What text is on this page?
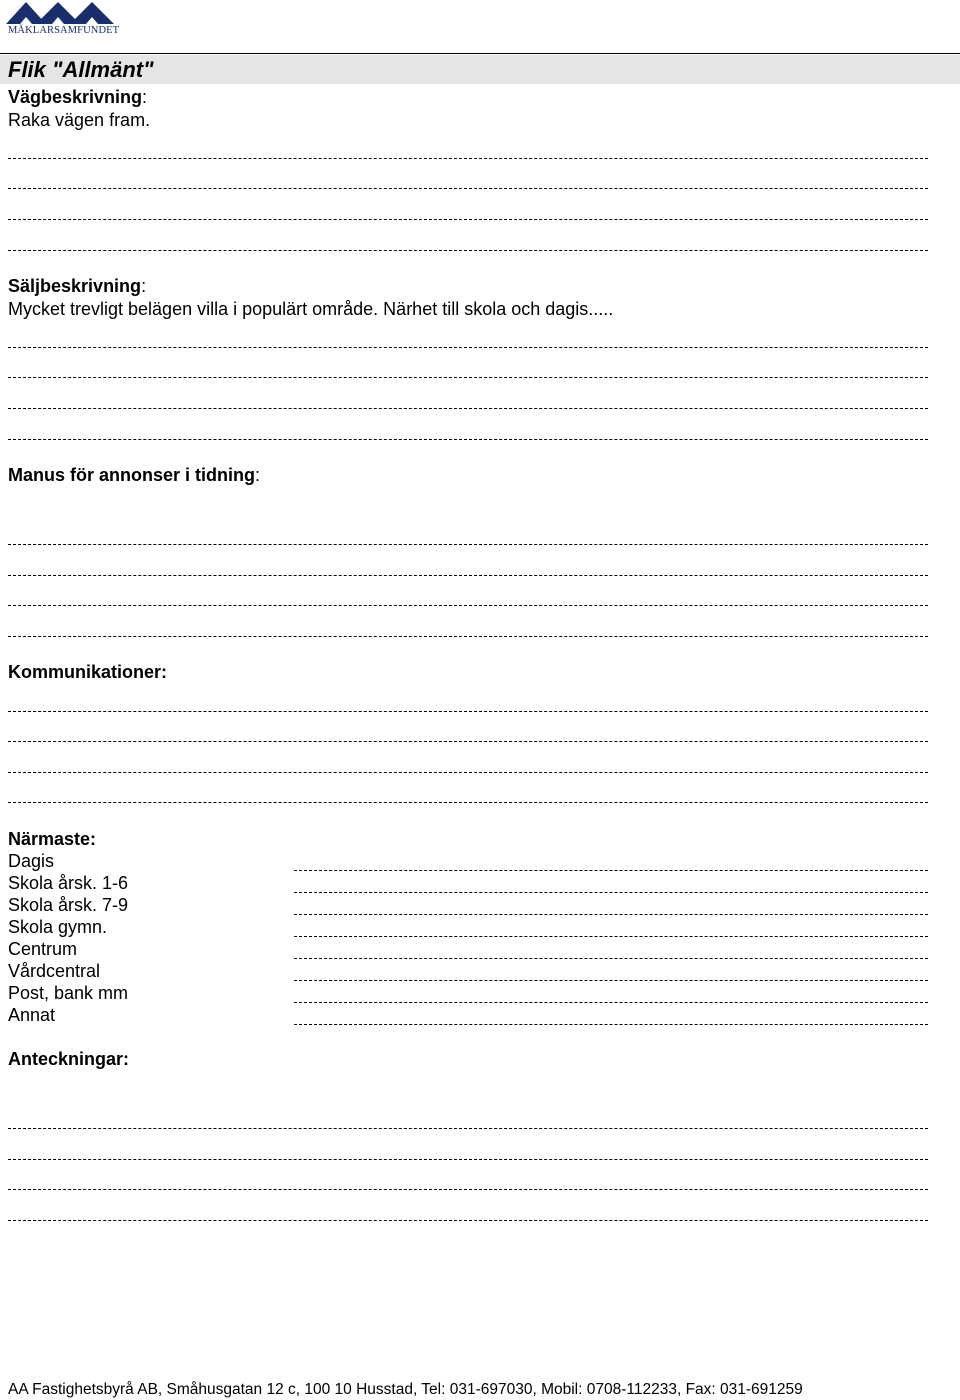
MÄKLARSAMFUNDET
Flik "Allmänt"
Vägbeskrivning:
Raka vägen fram.
Säljbeskrivning:
Mycket trevligt belägen villa i populärt område. Närhet till skola och dagis.....
Manus för annonser i tidning:
Kommunikationer:
Närmaste:
Dagis
Skola årsk. 1-6
Skola årsk. 7-9
Skola gymn.
Centrum
Vårdcentral
Post, bank mm
Annat
Anteckningar:
AA Fastighetsbyrå AB, Småhusgatan 12 c, 100 10 Husstad, Tel: 031-697030, Mobil: 0708-112233, Fax: 031-691259
